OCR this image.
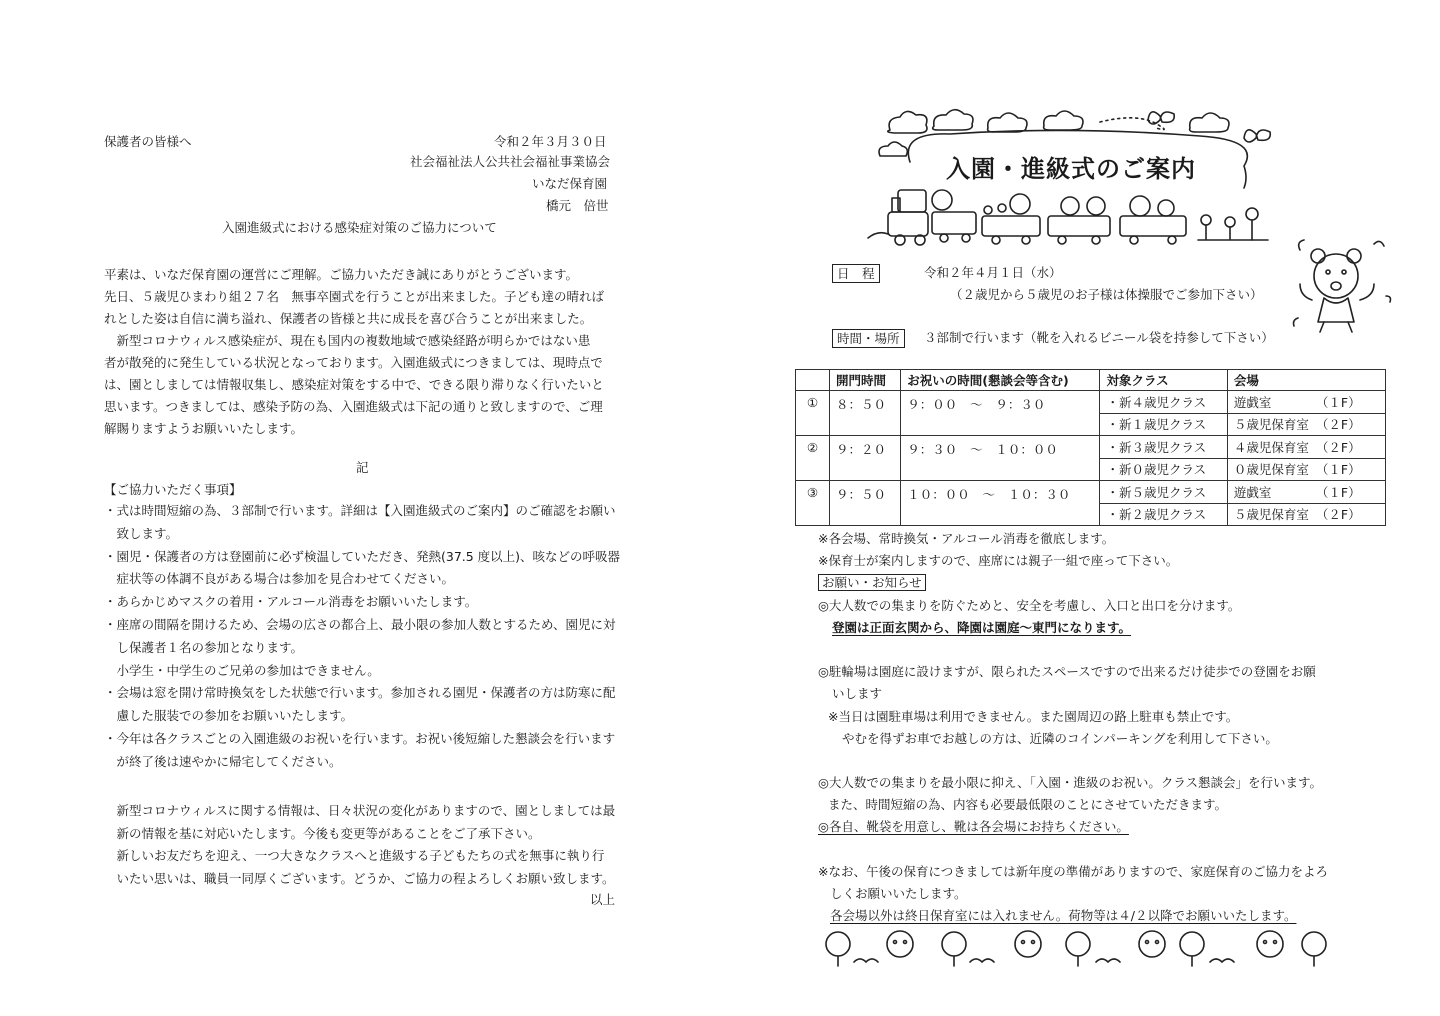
保護者の皆様へ	令和２年３月３０日
社会福祉法人公共社会福祉事業協会
いなだ保育園
橋元　倍世
入園進級式における感染症対策のご協力について
平素は、いなだ保育園の運営にご理解。ご協力いただき誠にありがとうございます。
先日、５歳児ひまわり組２７名　無事卒園式を行うことが出来ました。子ども達の晴れば
れとした姿は自信に満ち溢れ、保護者の皆様と共に成長を喜び合うことが出来ました。
　新型コロナウィルス感染症が、現在も国内の複数地域で感染経路が明らかではない患
者が散発的に発生している状況となっております。入園進級式につきましては、現時点で
は、園としましては情報収集し、感染症対策をする中で、できる限り滞りなく行いたいと
思います。つきましては、感染予防の為、入園進級式は下記の通りと致しますので、ご理
解賜りますようお願いいたします。
記
【ご協力いただく事項】
・式は時間短縮の為、３部制で行います。詳細は【入園進級式のご案内】のご確認をお願い
　致します。
・園児・保護者の方は登園前に必ず検温していただき、発熱(37.5 度以上)、咳などの呼吸器
　症状等の体調不良がある場合は参加を見合わせてください。
・あらかじめマスクの着用・アルコール消毒をお願いいたします。
・座席の間隔を開けるため、会場の広さの都合上、最小限の参加人数とするため、園児に対
　し保護者１名の参加となります。
　小学生・中学生のご兄弟の参加はできません。
・会場は窓を開け常時換気をした状態で行います。参加される園児・保護者の方は防寒に配
　慮した服装での参加をお願いいたします。
・今年は各クラスごとの入園進級のお祝いを行います。お祝い後短縮した懇談会を行います
　が終了後は速やかに帰宅してください。
　新型コロナウィルスに関する情報は、日々状況の変化がありますので、園としましては最
　新の情報を基に対応いたします。今後も変更等があることをご了承下さい。
　新しいお友だちを迎え、一つ大きなクラスへと進級する子どもたちの式を無事に執り行
　いたい思いは、職員一同厚くございます。どうか、ご協力の程よろしくお願い致します。
以上
入園・進級式のご案内
日　程	令和２年４月１日（水）
（２歳児から５歳児のお子様は体操服でご参加下さい）
時間・場所	３部制で行います（靴を入れるビニール袋を持参して下さい）
	開門時間	お祝いの時間(懇談会等含む)	対象クラス	会場
①	８：５０	９：００ ～ ９：３０	・新４歳児クラス	遊戯室 （１F）
			・新１歳児クラス	５歳児保育室 （２F）
②	９：２０	９：３０ ～ １０：００	・新３歳児クラス	４歳児保育室 （２F）
			・新０歳児クラス	０歳児保育室 （１F）
③	９：５０	１０：００ ～ １０：３０	・新５歳児クラス	遊戯室 （１F）
			・新２歳児クラス	５歳児保育室 （２F）
※各会場、常時換気・アルコール消毒を徹底します。
※保育士が案内しますので、座席には親子一組で座って下さい。
お願い・お知らせ
◎大人数での集まりを防ぐためと、安全を考慮し、入口と出口を分けます。
登園は正面玄関から、降園は園庭～東門になります。
◎駐輪場は園庭に設けますが、限られたスペースですので出来るだけ徒歩での登園をお願
いします
※当日は園駐車場は利用できません。また園周辺の路上駐車も禁止です。
やむを得ずお車でお越しの方は、近隣のコインパーキングを利用して下さい。
◎大人数での集まりを最小限に抑え、「入園・進級のお祝い。クラス懇談会」を行います。
また、時間短縮の為、内容も必要最低限のことにさせていただきます。
◎各自、靴袋を用意し、靴は各会場にお持ちください。
※なお、午後の保育につきましては新年度の準備がありますので、家庭保育のご協力をよろ
しくお願いいたします。
各会場以外は終日保育室には入れません。荷物等は４/２以降でお願いいたします。
